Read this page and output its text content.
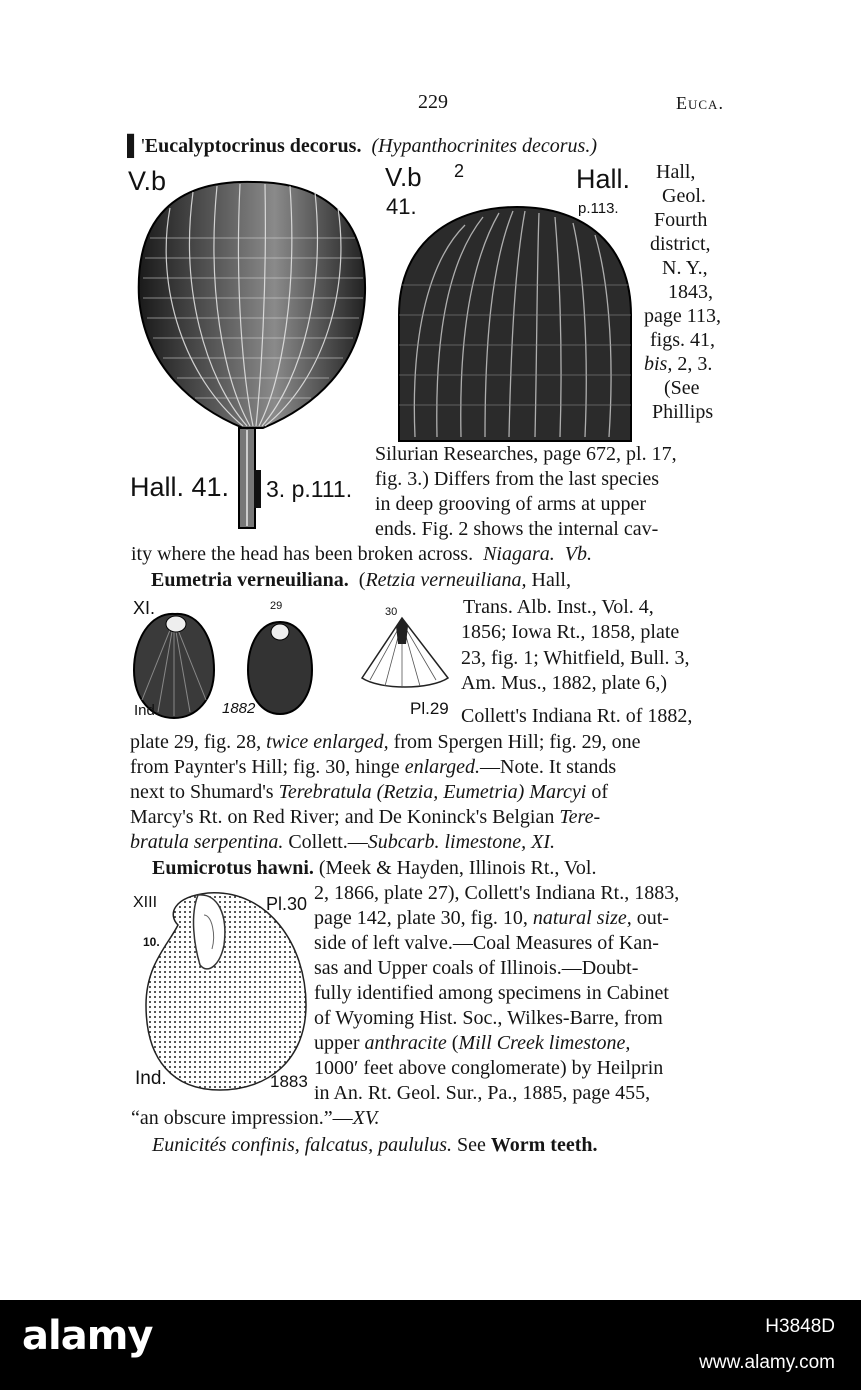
229	Euca.
▌'Eucalyptocrinus decorus. (Hypanthocrinites decorus.)
V.b	V.b 2
41.
Hall.
p.113.
Hall. 41. 3. p.111.
Hall,
Geol.
Fourth
district,
N. Y.,
1843,
page 113,
figs. 41,
bis, 2, 3.
(See
Phillips
Silurian Researches, page 672, pl. 17,
fig. 3.) Differs from the last species
in deep grooving of arms at upper
ends. Fig. 2 shows the internal cav-
ity where the head has been broken across. Niagara. Vb.
Eumetria verneuiliana. (Retzia verneuiliana, Hall,
XI.	29	30
Ind.	1882	Pl.29
Trans. Alb. Inst., Vol. 4,
1856; Iowa Rt., 1858, plate
23, fig. 1; Whitfield, Bull. 3,
Am. Mus., 1882, plate 6,)
Collett's Indiana Rt. of 1882,
plate 29, fig. 28, twice enlarged, from Spergen Hill; fig. 29, one
from Paynter's Hill; fig. 30, hinge enlarged.—Note. It stands
next to Shumard's Terebratula (Retzia, Eumetria) Marcyi of
Marcy's Rt. on Red River; and De Koninck's Belgian Tere-
bratula serpentina. Collett.—Subcarb. limestone, XI.
Eumicrotus hawni. (Meek & Hayden, Illinois Rt., Vol.
XIII	Pl.30
10.
Ind.	1883
2, 1866, plate 27), Collett's Indiana Rt., 1883,
page 142, plate 30, fig. 10, natural size, out-
side of left valve.—Coal Measures of Kan-
sas and Upper coals of Illinois.—Doubt-
fully identified among specimens in Cabinet
of Wyoming Hist. Soc., Wilkes-Barre, from
upper anthracite (Mill Creek limestone,
1000′ feet above conglomerate) by Heilprin
in An. Rt. Geol. Sur., Pa., 1885, page 455,
“an obscure impression.”—XV.
Eunicités confinis, falcatus, paululus. See Worm teeth.
alamy	H3848D
www.alamy.com
